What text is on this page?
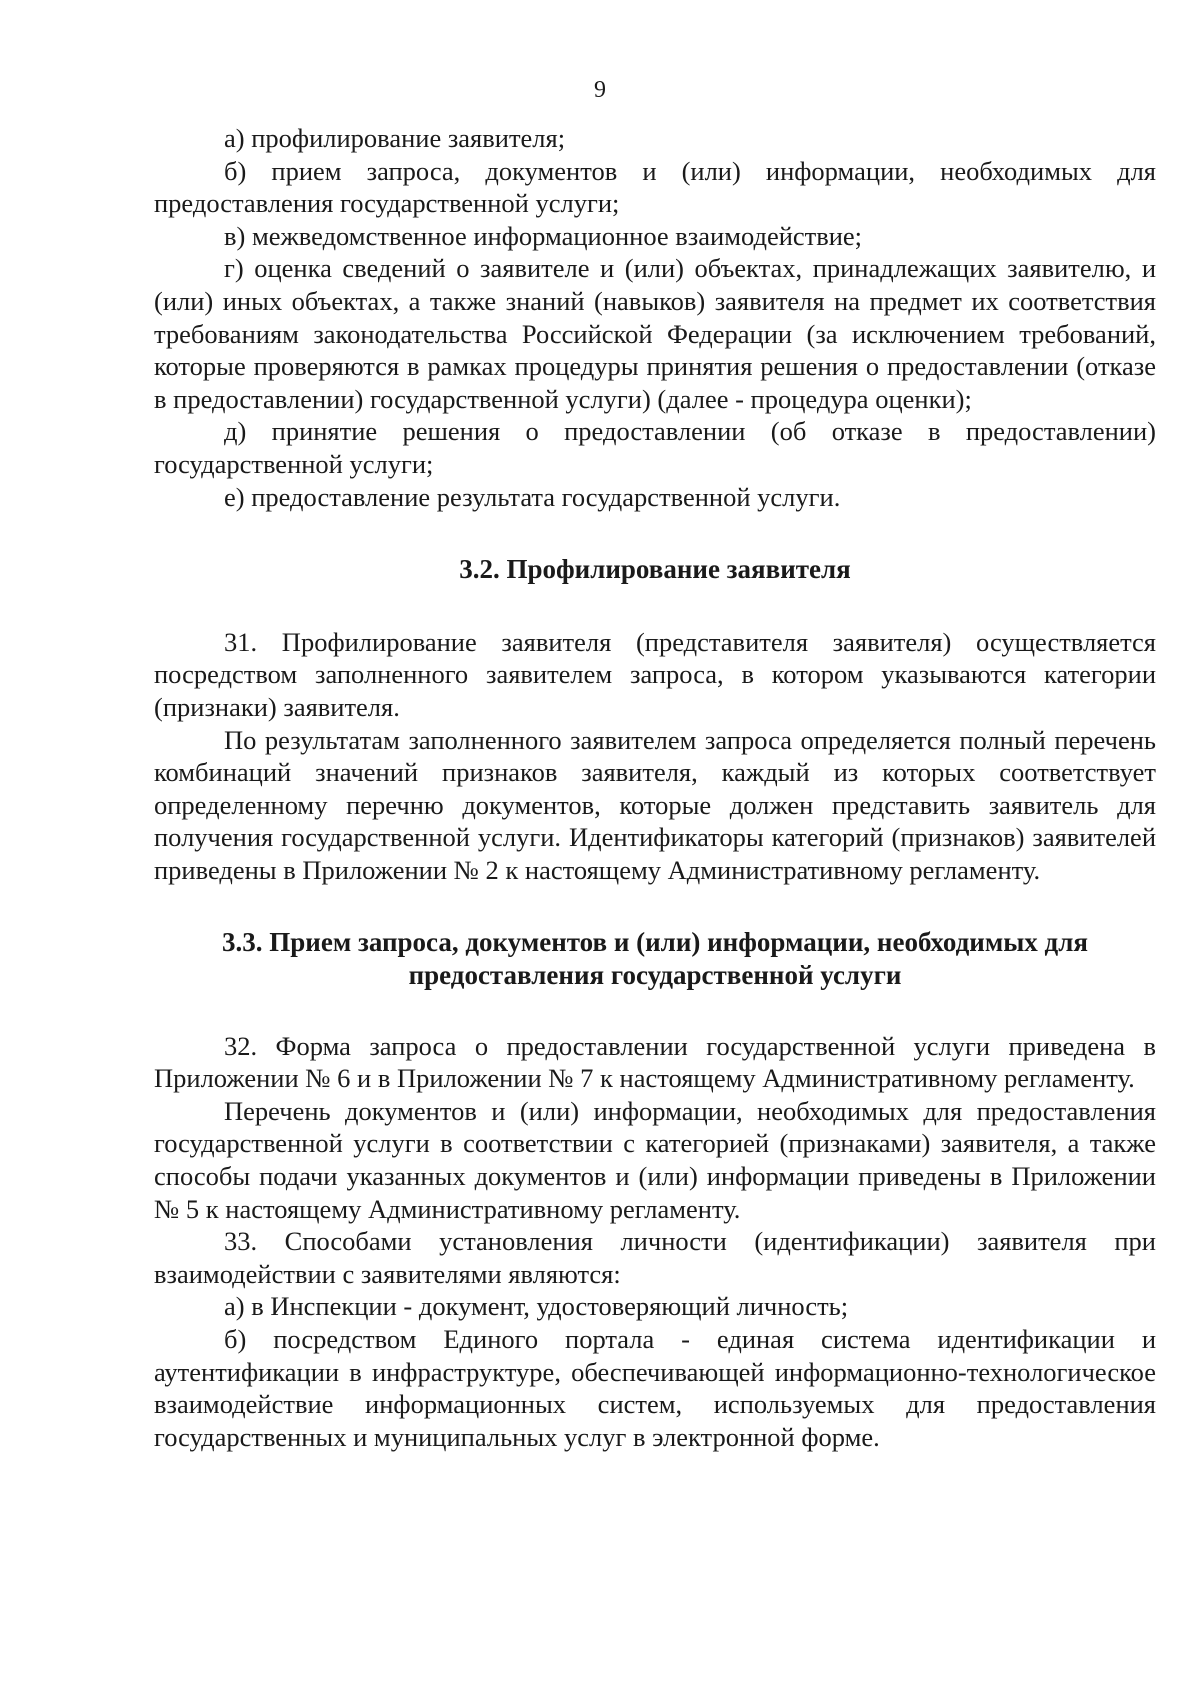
9

а) профилирование заявителя;

б) прием запроса, документов и (или) информации, необходимых для предоставления государственной услуги;

в) межведомственное информационное взаимодействие;

г) оценка сведений о заявителе и (или) объектах, принадлежащих заявителю, и (или) иных объектах, а также знаний (навыков) заявителя на предмет их соответствия требованиям законодательства Российской Федерации (за исключением требований, которые проверяются в рамках процедуры принятия решения о предоставлении (отказе в предоставлении) государственной услуги) (далее - процедура оценки);

д) принятие решения о предоставлении (об отказе в предоставлении) государственной услуги;

е) предоставление результата государственной услуги.

3.2. Профилирование заявителя

31. Профилирование заявителя (представителя заявителя) осуществляется посредством заполненного заявителем запроса, в котором указываются категории (признаки) заявителя.

По результатам заполненного заявителем запроса определяется полный перечень комбинаций значений признаков заявителя, каждый из которых соответствует определенному перечню документов, которые должен представить заявитель для получения государственной услуги. Идентификаторы категорий (признаков) заявителей приведены в Приложении № 2 к настоящему Административному регламенту.

3.3. Прием запроса, документов и (или) информации, необходимых для предоставления государственной услуги

32. Форма запроса о предоставлении государственной услуги приведена в Приложении № 6 и в Приложении № 7 к настоящему Административному регламенту.

Перечень документов и (или) информации, необходимых для предоставления государственной услуги в соответствии с категорией (признаками) заявителя, а также способы подачи указанных документов и (или) информации приведены в Приложении № 5 к настоящему Административному регламенту.

33. Способами установления личности (идентификации) заявителя при взаимодействии с заявителями являются:

а) в Инспекции - документ, удостоверяющий личность;

б) посредством Единого портала - единая система идентификации и аутентификации в инфраструктуре, обеспечивающей информационно-технологическое взаимодействие информационных систем, используемых для предоставления государственных и муниципальных услуг в электронной форме.
